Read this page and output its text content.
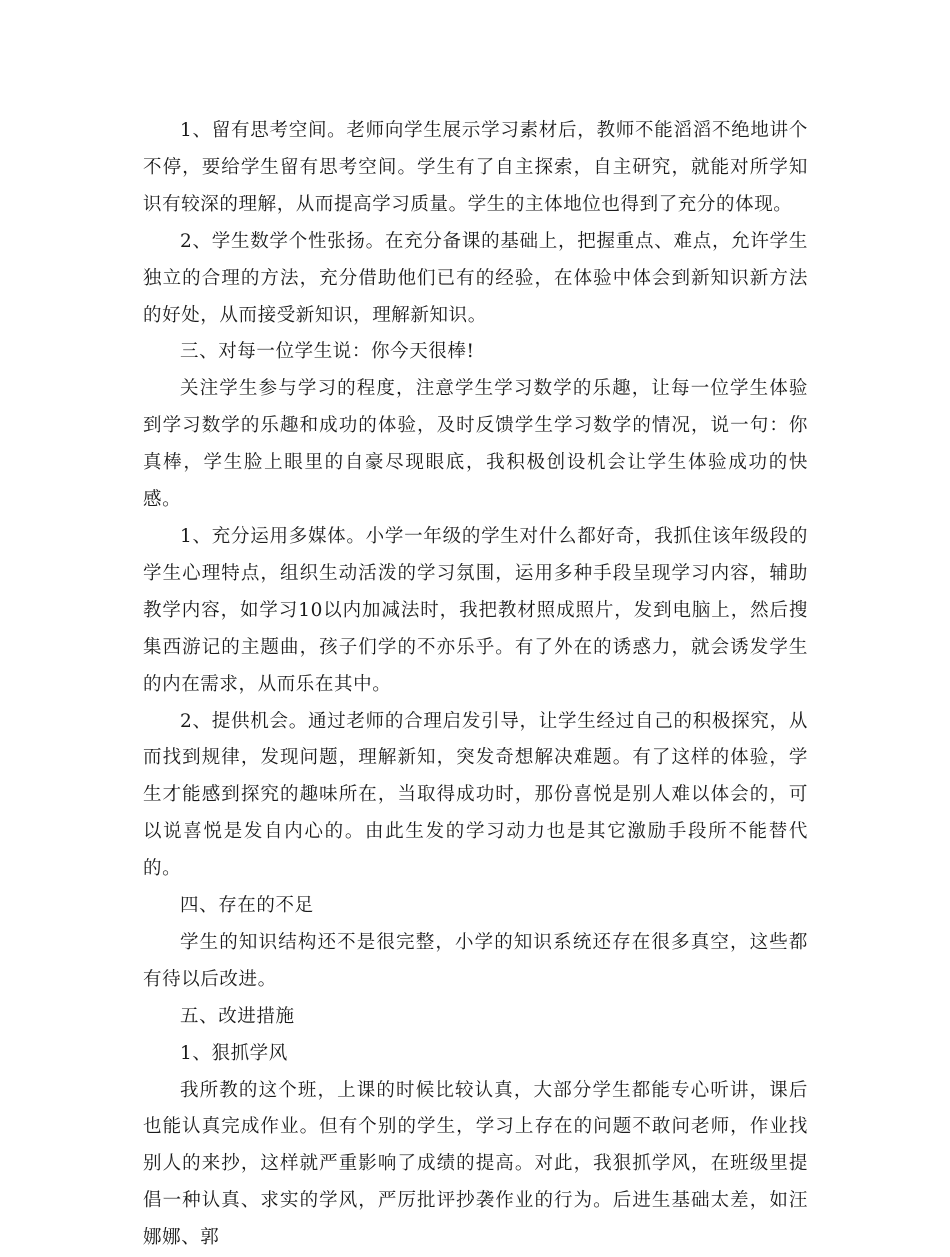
1、留有思考空间。老师向学生展示学习素材后，教师不能滔滔不绝地讲个不停，要给学生留有思考空间。学生有了自主探索，自主研究，就能对所学知识有较深的理解，从而提高学习质量。学生的主体地位也得到了充分的体现。

2、学生数学个性张扬。在充分备课的基础上，把握重点、难点，允许学生独立的合理的方法，充分借助他们已有的经验，在体验中体会到新知识新方法的好处，从而接受新知识，理解新知识。

三、对每一位学生说：你今天很棒!

关注学生参与学习的程度，注意学生学习数学的乐趣，让每一位学生体验到学习数学的乐趣和成功的体验，及时反馈学生学习数学的情况，说一句：你真棒，学生脸上眼里的自豪尽现眼底，我积极创设机会让学生体验成功的快感。

1、充分运用多媒体。小学一年级的学生对什么都好奇，我抓住该年级段的学生心理特点，组织生动活泼的学习氛围，运用多种手段呈现学习内容，辅助教学内容，如学习10以内加减法时，我把教材照成照片，发到电脑上，然后搜集西游记的主题曲，孩子们学的不亦乐乎。有了外在的诱惑力，就会诱发学生的内在需求，从而乐在其中。

2、提供机会。通过老师的合理启发引导，让学生经过自己的积极探究，从而找到规律，发现问题，理解新知，突发奇想解决难题。有了这样的体验，学生才能感到探究的趣味所在，当取得成功时，那份喜悦是别人难以体会的，可以说喜悦是发自内心的。由此生发的学习动力也是其它激励手段所不能替代的。

四、存在的不足

学生的知识结构还不是很完整，小学的知识系统还存在很多真空，这些都有待以后改进。

五、改进措施

1、狠抓学风

我所教的这个班，上课的时候比较认真，大部分学生都能专心听讲，课后也能认真完成作业。但有个别的学生，学习上存在的问题不敢问老师，作业找别人的来抄，这样就严重影响了成绩的提高。对此，我狠抓学风，在班级里提倡一种认真、求实的学风，严厉批评抄袭作业的行为。后进生基础太差，如汪娜娜、郭
